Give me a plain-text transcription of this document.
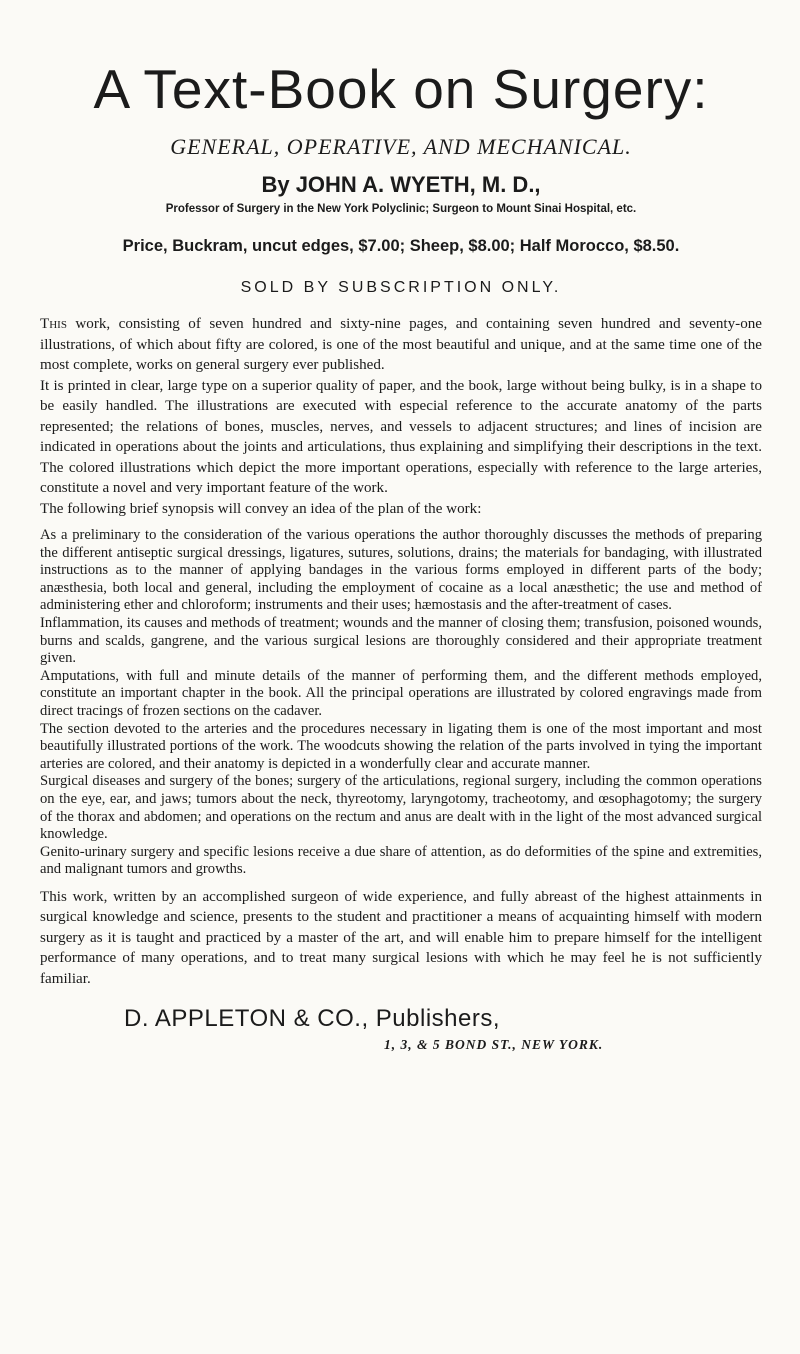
A Text-Book on Surgery:
GENERAL, OPERATIVE, AND MECHANICAL.
By JOHN A. WYETH, M. D.,
Professor of Surgery in the New York Polyclinic; Surgeon to Mount Sinai Hospital, etc.
Price, Buckram, uncut edges, $7.00; Sheep, $8.00; Half Morocco, $8.50.
SOLD BY SUBSCRIPTION ONLY.

This work, consisting of seven hundred and sixty-nine pages, and containing seven hundred and seventy-one illustrations, of which about fifty are colored, is one of the most beautiful and unique, and at the same time one of the most complete, works on general surgery ever published.

It is printed in clear, large type on a superior quality of paper, and the book, large without being bulky, is in a shape to be easily handled. The illustrations are executed with especial reference to the accurate anatomy of the parts represented; the relations of bones, muscles, nerves, and vessels to adjacent structures; and lines of incision are indicated in operations about the joints and articulations, thus explaining and simplifying their descriptions in the text. The colored illustrations which depict the more important operations, especially with reference to the large arteries, constitute a novel and very important feature of the work.

The following brief synopsis will convey an idea of the plan of the work:

As a preliminary to the consideration of the various operations the author thoroughly discusses the methods of preparing the different antiseptic surgical dressings, ligatures, sutures, solutions, drains; the materials for bandaging, with illustrated instructions as to the manner of applying bandages in the various forms employed in different parts of the body; anæsthesia, both local and general, including the employment of cocaine as a local anæsthetic; the use and method of administering ether and chloroform; instruments and their uses; hæmostasis and the after-treatment of cases.

Inflammation, its causes and methods of treatment; wounds and the manner of closing them; transfusion, poisoned wounds, burns and scalds, gangrene, and the various surgical lesions are thoroughly considered and their appropriate treatment given.

Amputations, with full and minute details of the manner of performing them, and the different methods employed, constitute an important chapter in the book. All the principal operations are illustrated by colored engravings made from direct tracings of frozen sections on the cadaver.

The section devoted to the arteries and the procedures necessary in ligating them is one of the most important and most beautifully illustrated portions of the work. The woodcuts showing the relation of the parts involved in tying the important arteries are colored, and their anatomy is depicted in a wonderfully clear and accurate manner.

Surgical diseases and surgery of the bones; surgery of the articulations, regional surgery, including the common operations on the eye, ear, and jaws; tumors about the neck, thyreotomy, laryngotomy, tracheotomy, and œsophagotomy; the surgery of the thorax and abdomen; and operations on the rectum and anus are dealt with in the light of the most advanced surgical knowledge.

Genito-urinary surgery and specific lesions receive a due share of attention, as do deformities of the spine and extremities, and malignant tumors and growths.

This work, written by an accomplished surgeon of wide experience, and fully abreast of the highest attainments in surgical knowledge and science, presents to the student and practitioner a means of acquainting himself with modern surgery as it is taught and practiced by a master of the art, and will enable him to prepare himself for the intelligent performance of many operations, and to treat many surgical lesions with which he may feel he is not sufficiently familiar.
D. APPLETON & CO., Publishers,
1, 3, & 5 BOND ST., NEW YORK.
